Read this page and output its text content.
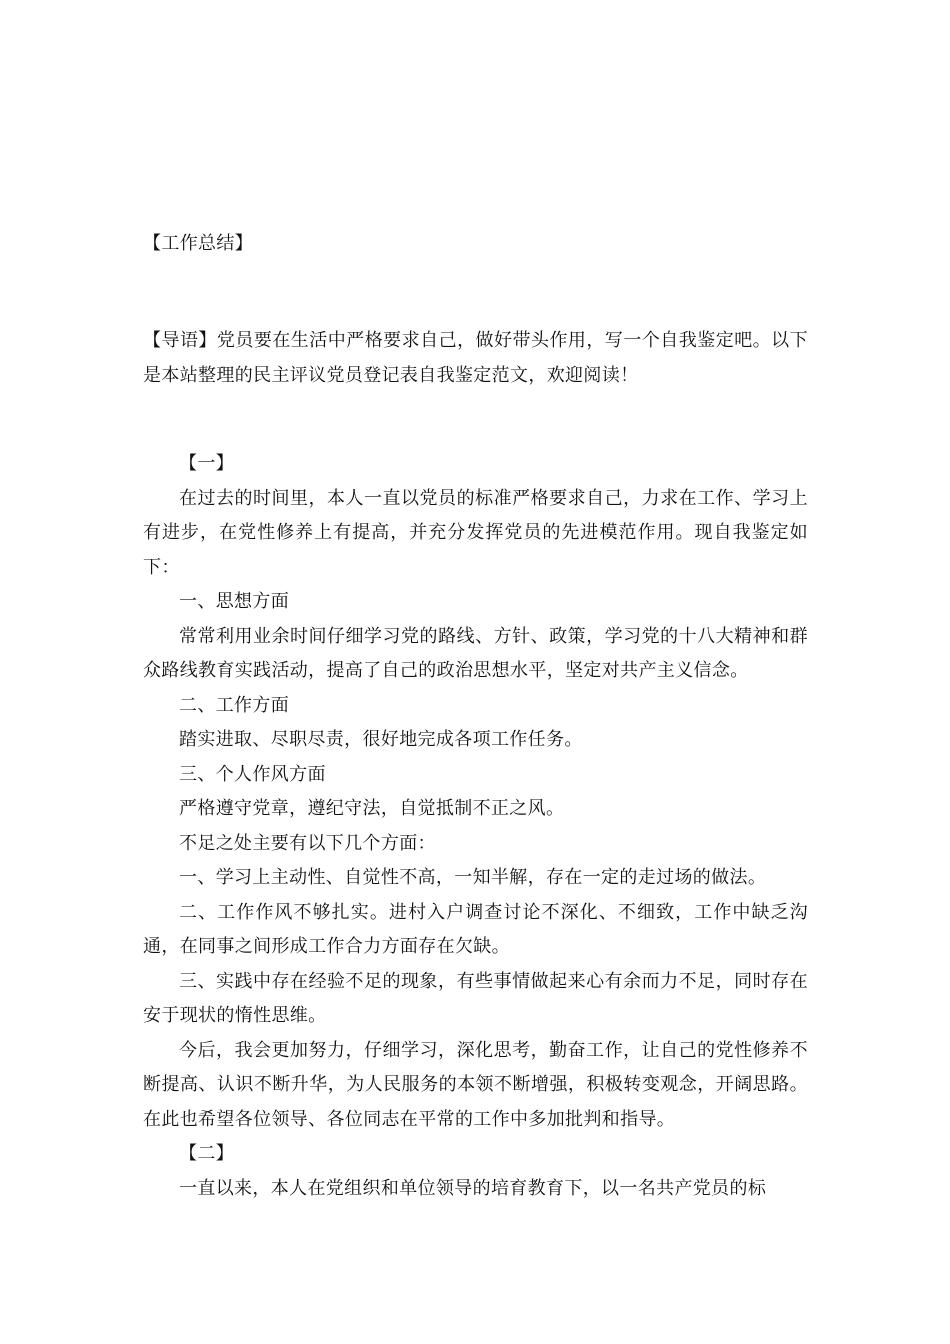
【工作总结】

【导语】党员要在生活中严格要求自己，做好带头作用，写一个自我鉴定吧。以下是本站整理的民主评议党员登记表自我鉴定范文，欢迎阅读！

【一】

在过去的时间里，本人一直以党员的标准严格要求自己，力求在工作、学习上有进步，在党性修养上有提高，并充分发挥党员的先进模范作用。现自我鉴定如下：

一、思想方面

常常利用业余时间仔细学习党的路线、方针、政策，学习党的十八大精神和群众路线教育实践活动，提高了自己的政治思想水平，坚定对共产主义信念。

二、工作方面

踏实进取、尽职尽责，很好地完成各项工作任务。

三、个人作风方面

严格遵守党章，遵纪守法，自觉抵制不正之风。

不足之处主要有以下几个方面：

一、学习上主动性、自觉性不高，一知半解，存在一定的走过场的做法。

二、工作作风不够扎实。进村入户调查讨论不深化、不细致，工作中缺乏沟通，在同事之间形成工作合力方面存在欠缺。

三、实践中存在经验不足的现象，有些事情做起来心有余而力不足，同时存在安于现状的惰性思维。

今后，我会更加努力，仔细学习，深化思考，勤奋工作，让自己的党性修养不断提高、认识不断升华，为人民服务的本领不断增强，积极转变观念，开阔思路。在此也希望各位领导、各位同志在平常的工作中多加批判和指导。

【二】

一直以来，本人在党组织和单位领导的培育教育下，以一名共产党员的标
